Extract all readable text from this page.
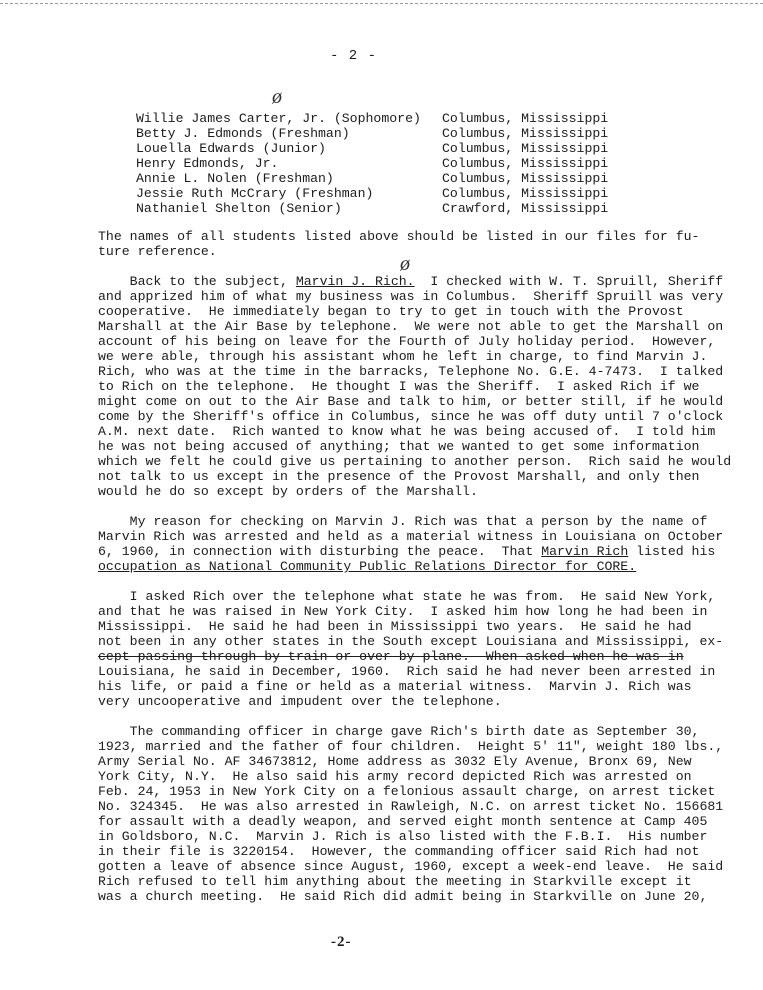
- 2 -
ø
ø
Willie James Carter, Jr. (Sophomore)	Columbus, Mississippi
Betty J. Edmonds (Freshman)	Columbus, Mississippi
Louella Edwards (Junior)	Columbus, Mississippi
Henry Edmonds, Jr.	Columbus, Mississippi
Annie L. Nolen (Freshman)	Columbus, Mississippi
Jessie Ruth McCrary (Freshman)	Columbus, Mississippi
Nathaniel Shelton (Senior)	Crawford, Mississippi

The names of all students listed above should be listed in our files for fu-
ture reference.

Back to the subject, Marvin J. Rich.  I checked with W. T. Spruill, Sheriff
and apprized him of what my business was in Columbus.  Sheriff Spruill was very
cooperative.  He immediately began to try to get in touch with the Provost
Marshall at the Air Base by telephone.  We were not able to get the Marshall on
account of his being on leave for the Fourth of July holiday period.  However,
we were able, through his assistant whom he left in charge, to find Marvin J.
Rich, who was at the time in the barracks, Telephone No. G.E. 4-7473.  I talked
to Rich on the telephone.  He thought I was the Sheriff.  I asked Rich if we
might come on out to the Air Base and talk to him, or better still, if he would
come by the Sheriff's office in Columbus, since he was off duty until 7 o'clock
A.M. next date.  Rich wanted to know what he was being accused of.  I told him
he was not being accused of anything; that we wanted to get some information
which we felt he could give us pertaining to another person.  Rich said he would
not talk to us except in the presence of the Provost Marshall, and only then
would he do so except by orders of the Marshall.

My reason for checking on Marvin J. Rich was that a person by the name of
Marvin Rich was arrested and held as a material witness in Louisiana on October
6, 1960, in connection with disturbing the peace.  That Marvin Rich listed his
occupation as National Community Public Relations Director for CORE.

I asked Rich over the telephone what state he was from.  He said New York,
and that he was raised in New York City.  I asked him how long he had been in
Mississippi.  He said he had been in Mississippi two years.  He said he had
not been in any other states in the South except Louisiana and Mississippi, ex-
cept passing through by train or over by plane.  When asked when he was in
Louisiana, he said in December, 1960.  Rich said he had never been arrested in
his life, or paid a fine or held as a material witness.  Marvin J. Rich was
very uncooperative and impudent over the telephone.

The commanding officer in charge gave Rich's birth date as September 30,
1923, married and the father of four children.  Height 5' 11", weight 180 lbs.,
Army Serial No. AF 34673812, Home address as 3032 Ely Avenue, Bronx 69, New
York City, N.Y.  He also said his army record depicted Rich was arrested on
Feb. 24, 1953 in New York City on a felonious assault charge, on arrest ticket
No. 324345.  He was also arrested in Rawleigh, N.C. on arrest ticket No. 156681
for assault with a deadly weapon, and served eight month sentence at Camp 405
in Goldsboro, N.C.  Marvin J. Rich is also listed with the F.B.I.  His number
in their file is 3220154.  However, the commanding officer said Rich had not
gotten a leave of absence since August, 1960, except a week-end leave.  He said
Rich refused to tell him anything about the meeting in Starkville except it
was a church meeting.  He said Rich did admit being in Starkville on June 20,

-2-
